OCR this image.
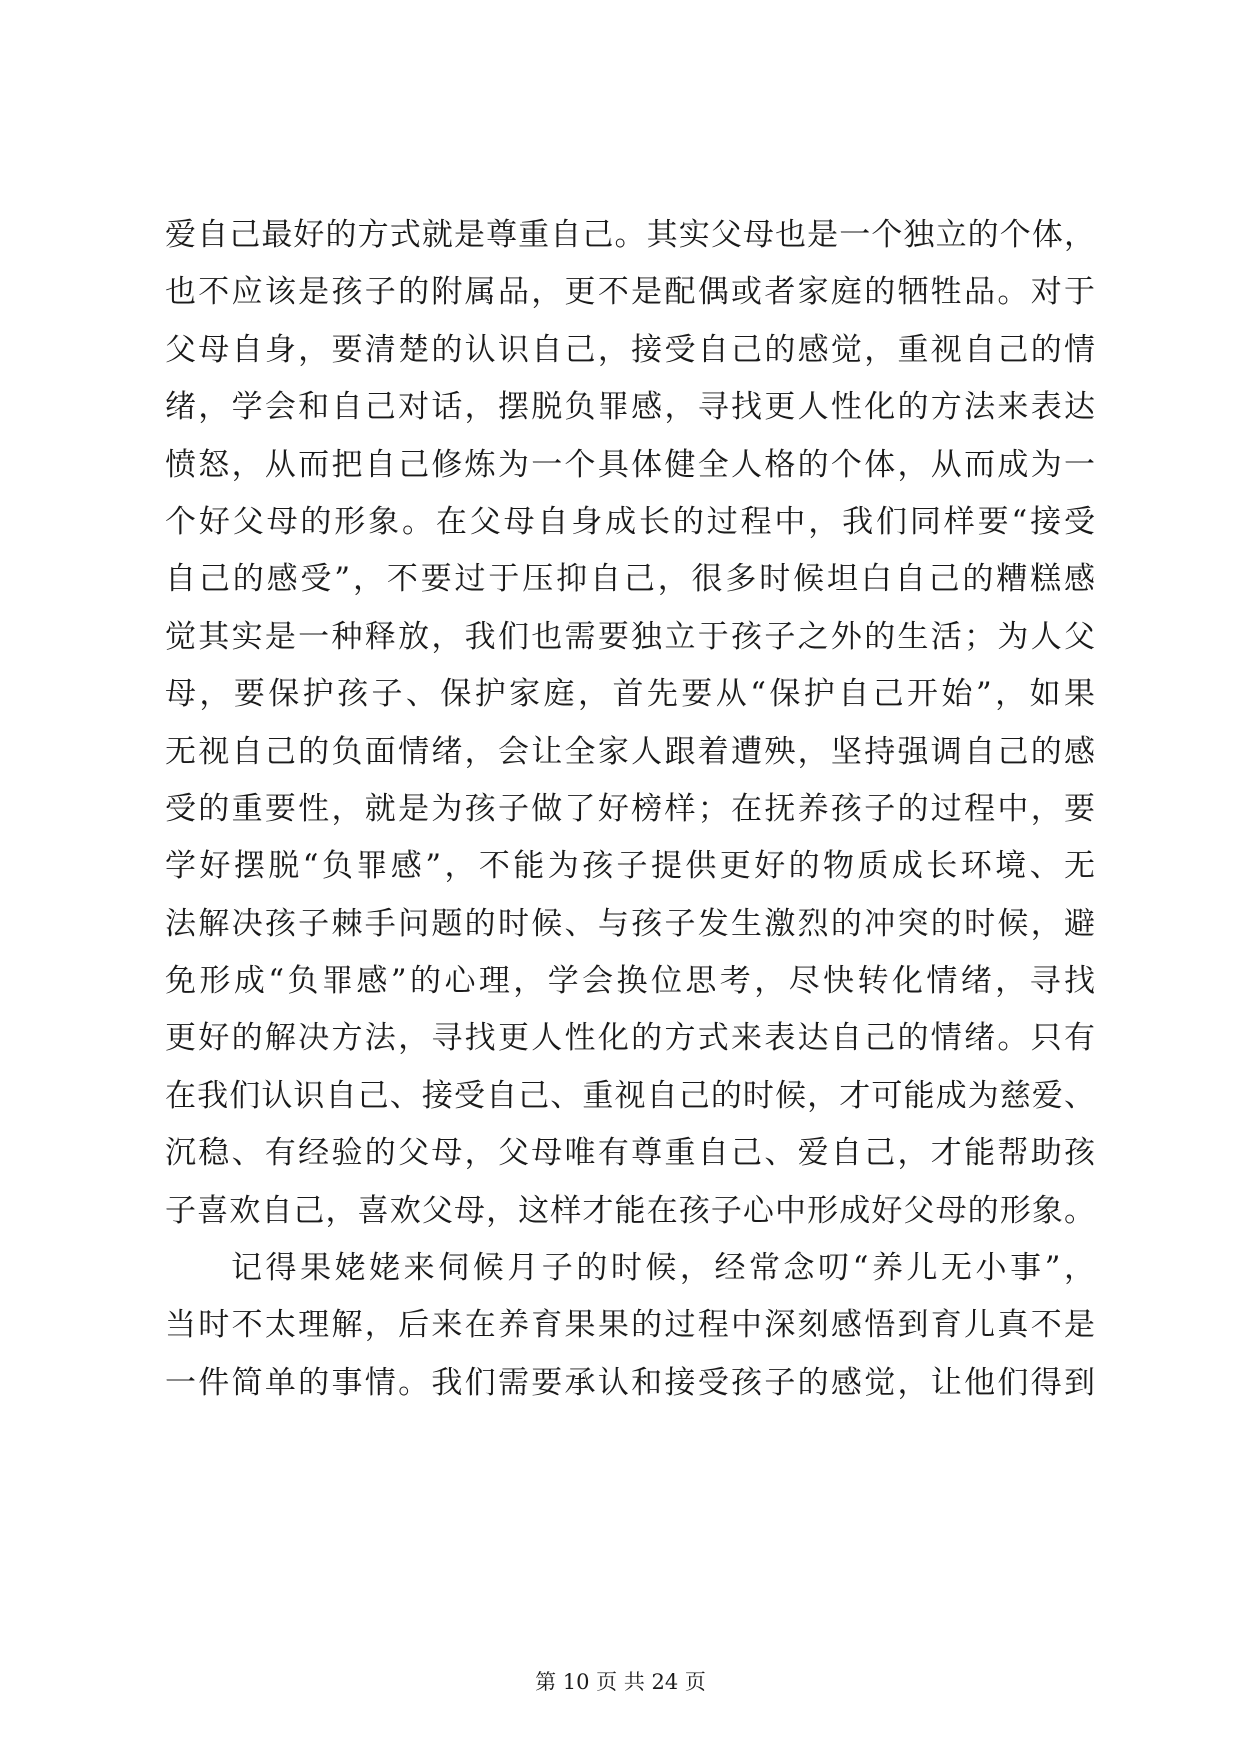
爱自己最好的方式就是尊重自己。其实父母也是一个独立的个体，
也不应该是孩子的附属品，更不是配偶或者家庭的牺牲品。对于
父母自身，要清楚的认识自己，接受自己的感觉，重视自己的情
绪，学会和自己对话，摆脱负罪感，寻找更人性化的方法来表达
愤怒，从而把自己修炼为一个具体健全人格的个体，从而成为一
个好父母的形象。在父母自身成长的过程中，我们同样要“接受
自己的感受”，不要过于压抑自己，很多时候坦白自己的糟糕感
觉其实是一种释放，我们也需要独立于孩子之外的生活；为人父
母，要保护孩子、保护家庭，首先要从“保护自己开始”，如果
无视自己的负面情绪，会让全家人跟着遭殃，坚持强调自己的感
受的重要性，就是为孩子做了好榜样；在抚养孩子的过程中，要
学好摆脱“负罪感”，不能为孩子提供更好的物质成长环境、无
法解决孩子棘手问题的时候、与孩子发生激烈的冲突的时候，避
免形成“负罪感”的心理，学会换位思考，尽快转化情绪，寻找
更好的解决方法，寻找更人性化的方式来表达自己的情绪。只有
在我们认识自己、接受自己、重视自己的时候，才可能成为慈爱、
沉稳、有经验的父母，父母唯有尊重自己、爱自己，才能帮助孩
子喜欢自己，喜欢父母，这样才能在孩子心中形成好父母的形象。
记得果姥姥来伺候月子的时候，经常念叨“养儿无小事”，
当时不太理解，后来在养育果果的过程中深刻感悟到育儿真不是
一件简单的事情。我们需要承认和接受孩子的感觉，让他们得到
第 10 页 共 24 页
